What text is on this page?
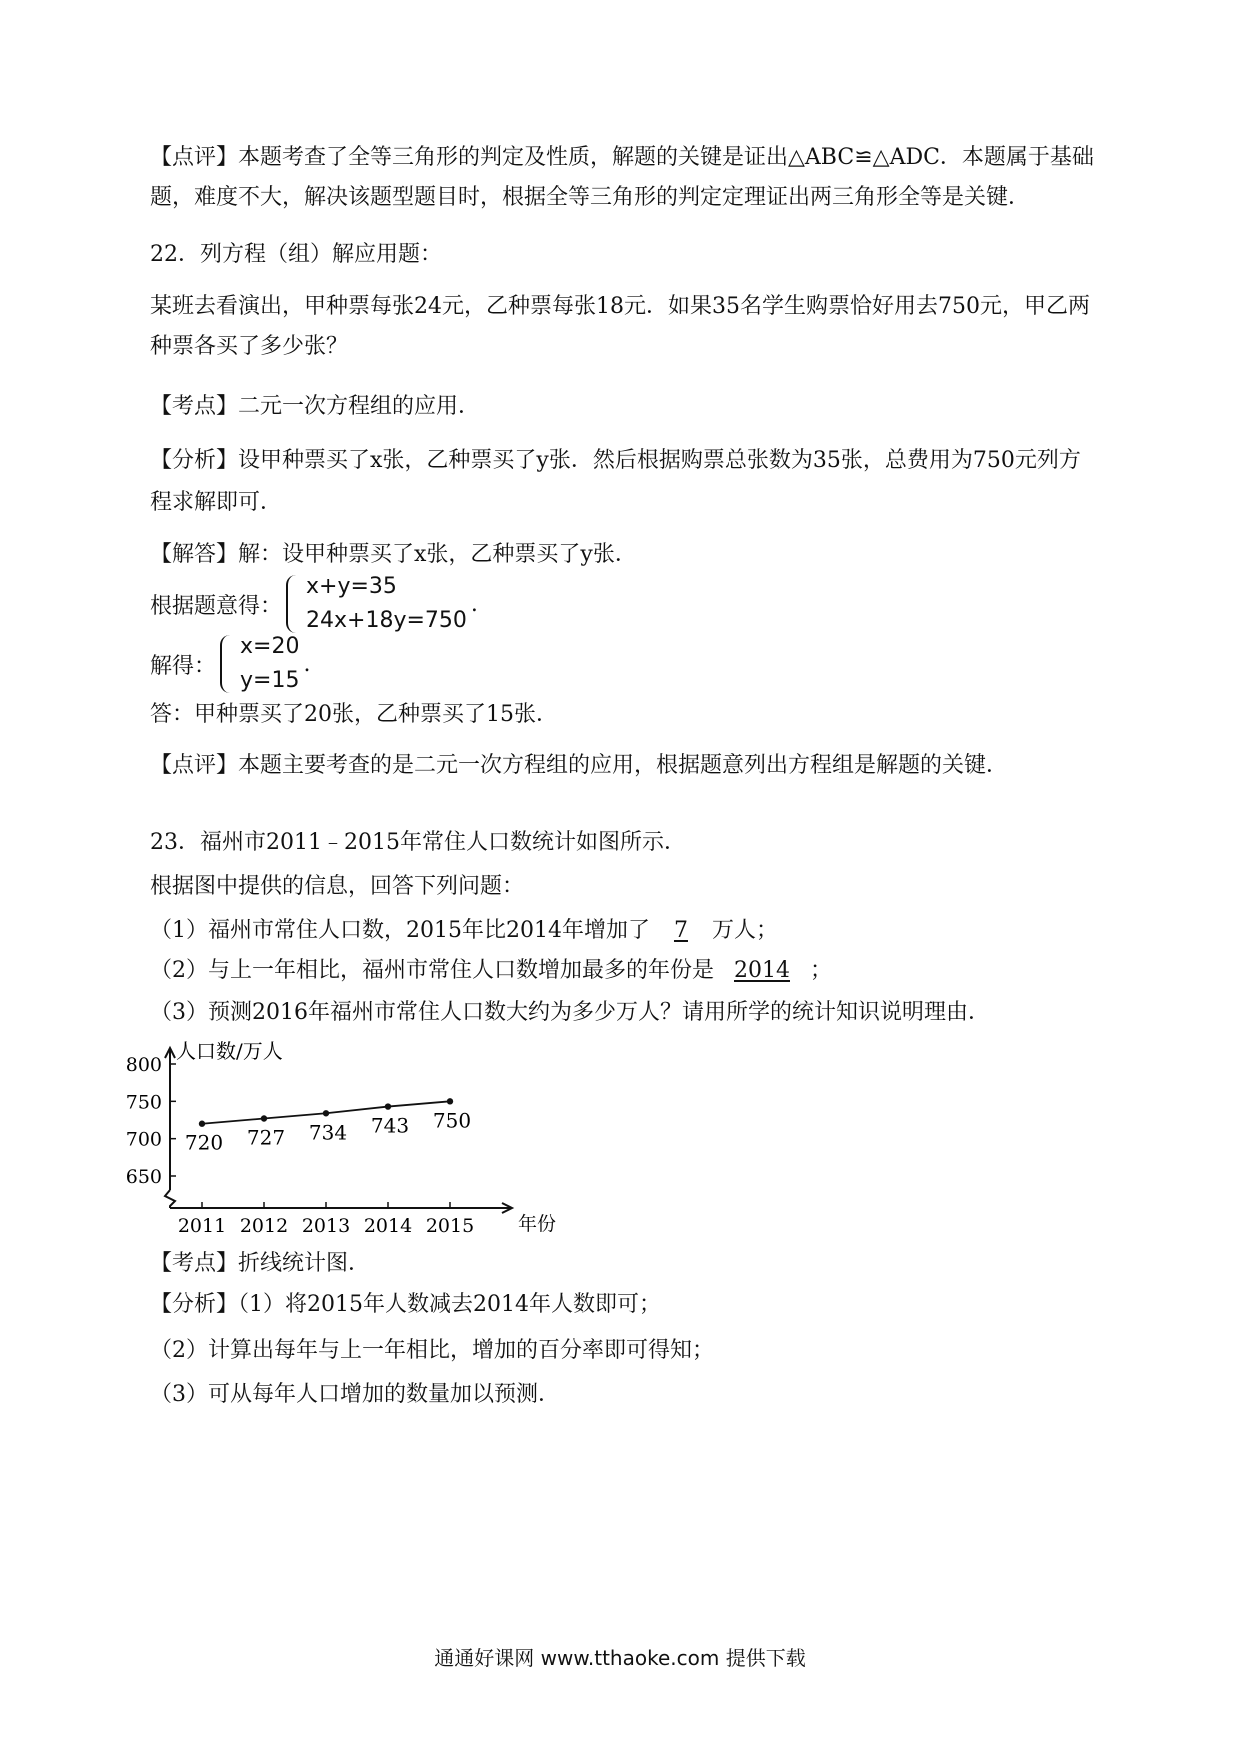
【点评】本题考查了全等三角形的判定及性质，解题的关键是证出△ABC≌△ADC．本题属于基础
题，难度不大，解决该题型题目时，根据全等三角形的判定定理证出两三角形全等是关键．
22．列方程（组）解应用题：
某班去看演出，甲种票每张24元，乙种票每张18元．如果35名学生购票恰好用去750元，甲乙两
种票各买了多少张？
【考点】二元一次方程组的应用．
【分析】设甲种票买了x张，乙种票买了y张．然后根据购票总张数为35张，总费用为750元列方
程求解即可．
【解答】解：设甲种票买了x张，乙种票买了y张．
根据题意得：
x+y=35
24x+18y=750
.
解得：
x=20
y=15
.
答：甲种票买了20张，乙种票买了15张．
【点评】本题主要考查的是二元一次方程组的应用，根据题意列出方程组是解题的关键．
23．福州市2011﹣2015年常住人口数统计如图所示．
根据图中提供的信息，回答下列问题：
（1）福州市常住人口数，2015年比2014年增加了 7 万人；
（2）与上一年相比，福州市常住人口数增加最多的年份是 2014 ；
（3）预测2016年福州市常住人口数大约为多少万人？请用所学的统计知识说明理由．
人口数/万人
年份
800
750
700
650
2011 2012 2013 2014 2015
720 727 734 743 750
【考点】折线统计图．
【分析】（1）将2015年人数减去2014年人数即可；
（2）计算出每年与上一年相比，增加的百分率即可得知；
（3）可从每年人口增加的数量加以预测．
通通好课网 www.tthaoke.com 提供下载
